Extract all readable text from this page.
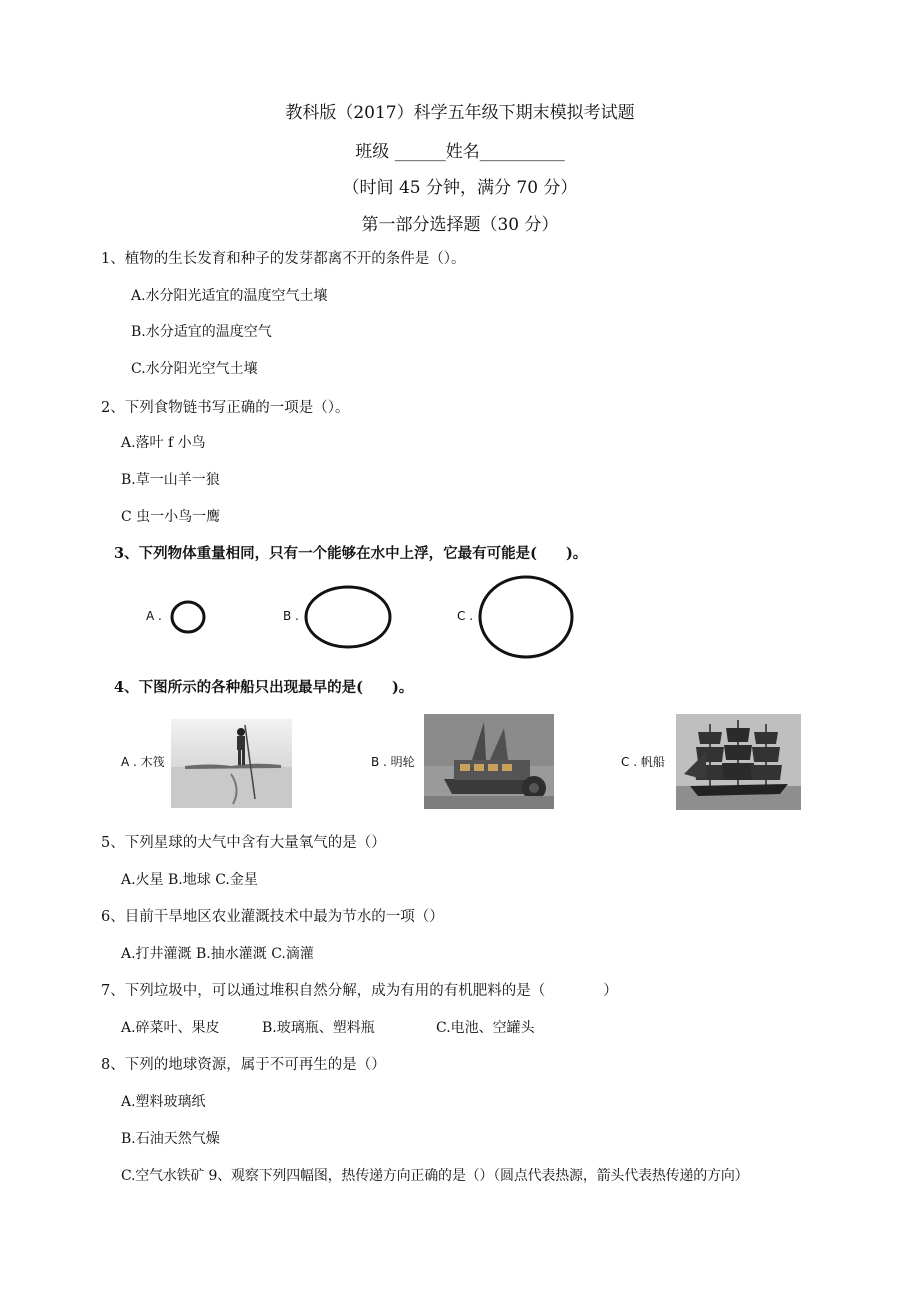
教科版（2017）科学五年级下期末模拟考试题
班级 ______姓名__________
（时间 45 分钟，满分 70 分）
第一部分选择题（30 分）
1、植物的生长发育和种子的发芽都离不开的条件是（）。
A.水分阳光适宜的温度空气土壤
B.水分适宜的温度空气
C.水分阳光空气土壤
2、下列食物链书写正确的一项是（）。
A.落叶 f 小鸟
B.草一山羊一狼
C 虫一小鸟一鹰
3、下列物体重量相同，只有一个能够在水中上浮，它最有可能是(　　)。
A .	B .	C .
4、下图所示的各种船只出现最早的是(　　)。
A . 木筏	B . 明轮	C . 帆船
5、下列星球的大气中含有大量氧气的是（）
A.火星 B.地球 C.金星
6、目前干旱地区农业灌溉技术中最为节水的一项（）
A.打井灌溉 B.抽水灌溉 C.滴灌
7、下列垃圾中，可以通过堆积自然分解，成为有用的有机肥料的是（　　　　）
A.碎菜叶、果皮	B.玻璃瓶、塑料瓶	C.电池、空罐头
8、下列的地球资源，属于不可再生的是（）
A.塑料玻璃纸
B.石油天然气燥
C.空气水铁矿 9、观察下列四幅图，热传递方向正确的是（）（圆点代表热源，箭头代表热传递的方向）
